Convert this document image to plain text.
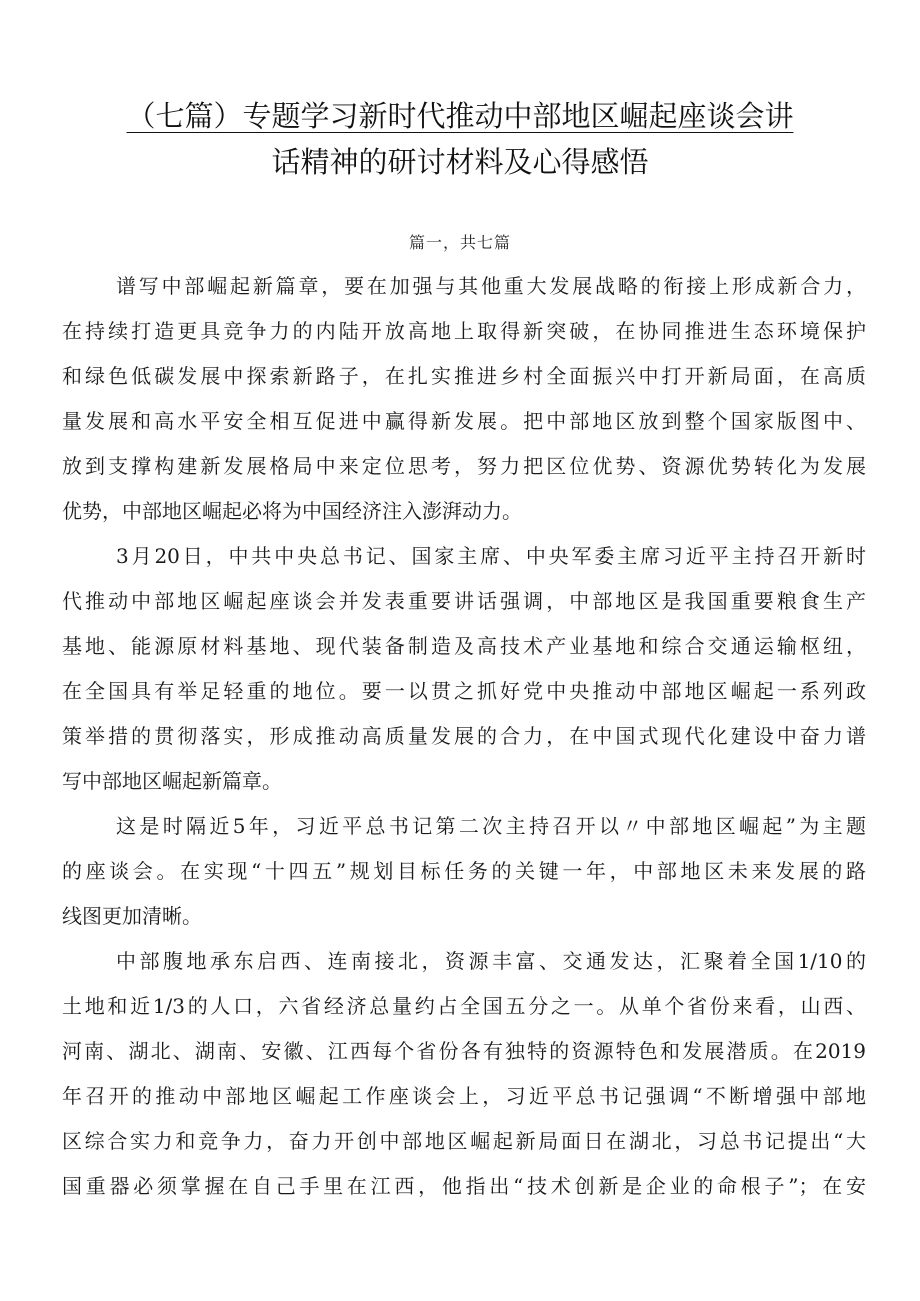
（七篇）专题学习新时代推动中部地区崛起座谈会讲
话精神的研讨材料及心得感悟
篇一，共七篇
谱写中部崛起新篇章，要在加强与其他重大发展战略的衔接上形成新合力，
在持续打造更具竞争力的内陆开放高地上取得新突破，在协同推进生态环境保护
和绿色低碳发展中探索新路子，在扎实推进乡村全面振兴中打开新局面，在高质
量发展和高水平安全相互促进中赢得新发展。把中部地区放到整个国家版图中、
放到支撑构建新发展格局中来定位思考，努力把区位优势、资源优势转化为发展
优势，中部地区崛起必将为中国经济注入澎湃动力。
3月20日，中共中央总书记、国家主席、中央军委主席习近平主持召开新时
代推动中部地区崛起座谈会并发表重要讲话强调，中部地区是我国重要粮食生产
基地、能源原材料基地、现代装备制造及高技术产业基地和综合交通运输枢纽，
在全国具有举足轻重的地位。要一以贯之抓好党中央推动中部地区崛起一系列政
策举措的贯彻落实，形成推动高质量发展的合力，在中国式现代化建设中奋力谱
写中部地区崛起新篇章。
这是时隔近5年，习近平总书记第二次主持召开以〃中部地区崛起”为主题
的座谈会。在实现“十四五”规划目标任务的关键一年，中部地区未来发展的路
线图更加清晰。
中部腹地承东启西、连南接北，资源丰富、交通发达，汇聚着全国1/10的
土地和近1/3的人口，六省经济总量约占全国五分之一。从单个省份来看，山西、
河南、湖北、湖南、安徽、江西每个省份各有独特的资源特色和发展潜质。在2019
年召开的推动中部地区崛起工作座谈会上，习近平总书记强调“不断增强中部地
区综合实力和竞争力，奋力开创中部地区崛起新局面日在湖北，习总书记提出“大
国重器必须掌握在自己手里在江西，他指出“技术创新是企业的命根子”；在安
